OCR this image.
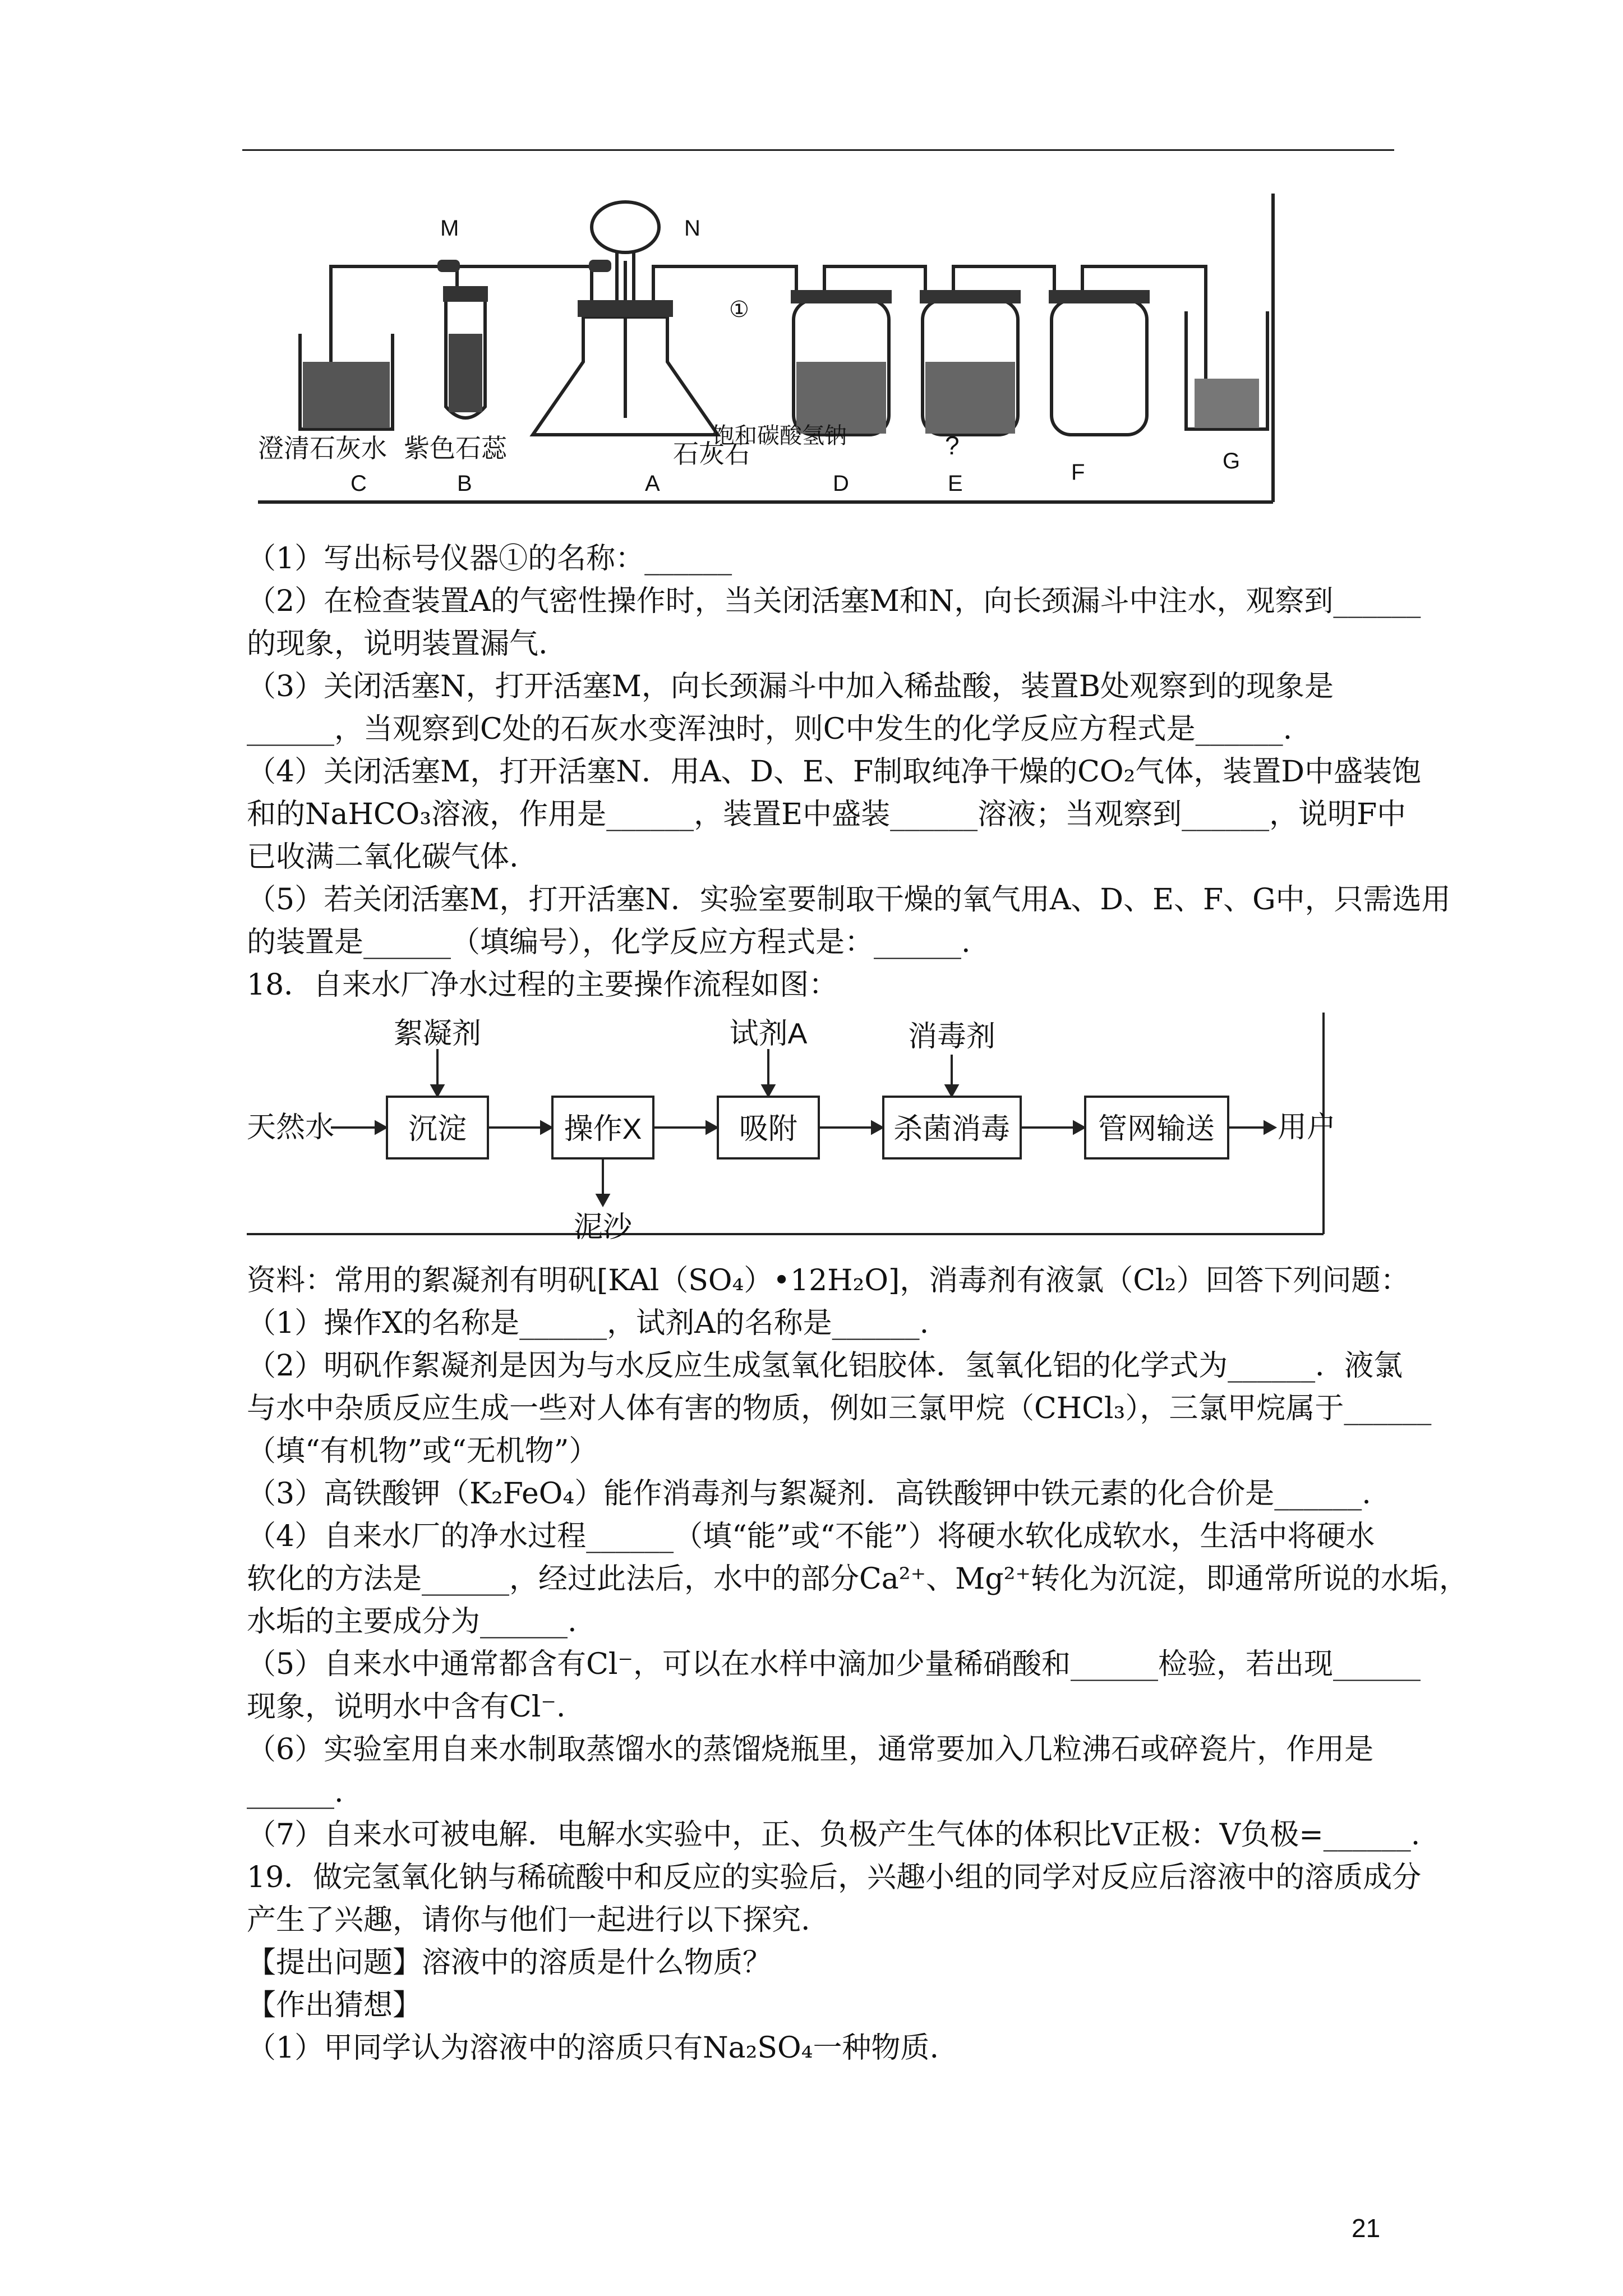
M	N
①
澄清石灰水 紫色石蕊	石灰石
饱和碳酸氢钠	?
C	B	A	D	E	F	G
（1）写出标号仪器①的名称：______
（2）在检查装置A的气密性操作时，当关闭活塞M和N，向长颈漏斗中注水，观察到______
的现象，说明装置漏气.
（3）关闭活塞N，打开活塞M，向长颈漏斗中加入稀盐酸，装置B处观察到的现象是
______，当观察到C处的石灰水变浑浊时，则C中发生的化学反应方程式是______.
（4）关闭活塞M，打开活塞N．用A、D、E、F制取纯净干燥的CO₂气体，装置D中盛装饱
和的NaHCO₃溶液，作用是______，装置E中盛装______溶液；当观察到______，说明F中
已收满二氧化碳气体.
（5）若关闭活塞M，打开活塞N．实验室要制取干燥的氧气用A、D、E、F、G中，只需选用
的装置是______（填编号），化学反应方程式是：______.
18．自来水厂净水过程的主要操作流程如图：
天然水	沉淀	操作X	吸附	杀菌消毒	管网输送 用户
絮凝剂	试剂A	消毒剂
泥沙
资料：常用的絮凝剂有明矾[KAl（SO₄）•12H₂O]，消毒剂有液氯（Cl₂）回答下列问题：
（1）操作X的名称是______，试剂A的名称是______.
（2）明矾作絮凝剂是因为与水反应生成氢氧化铝胶体．氢氧化铝的化学式为______．液氯
与水中杂质反应生成一些对人体有害的物质，例如三氯甲烷（CHCl₃），三氯甲烷属于______
（填“有机物”或“无机物”）
（3）高铁酸钾（K₂FeO₄）能作消毒剂与絮凝剂．高铁酸钾中铁元素的化合价是______.
（4）自来水厂的净水过程______（填“能”或“不能”）将硬水软化成软水，生活中将硬水
软化的方法是______，经过此法后，水中的部分Ca²⁺、Mg²⁺转化为沉淀，即通常所说的水垢，
水垢的主要成分为______.
（5）自来水中通常都含有Cl⁻，可以在水样中滴加少量稀硝酸和______检验，若出现______
现象，说明水中含有Cl⁻.
（6）实验室用自来水制取蒸馏水的蒸馏烧瓶里，通常要加入几粒沸石或碎瓷片，作用是
______.
（7）自来水可被电解．电解水实验中，正、负极产生气体的体积比V正极：V负极=______.
19．做完氢氧化钠与稀硫酸中和反应的实验后，兴趣小组的同学对反应后溶液中的溶质成分
产生了兴趣，请你与他们一起进行以下探究.
【提出问题】溶液中的溶质是什么物质？
【作出猜想】
（1）甲同学认为溶液中的溶质只有Na₂SO₄一种物质.
21
